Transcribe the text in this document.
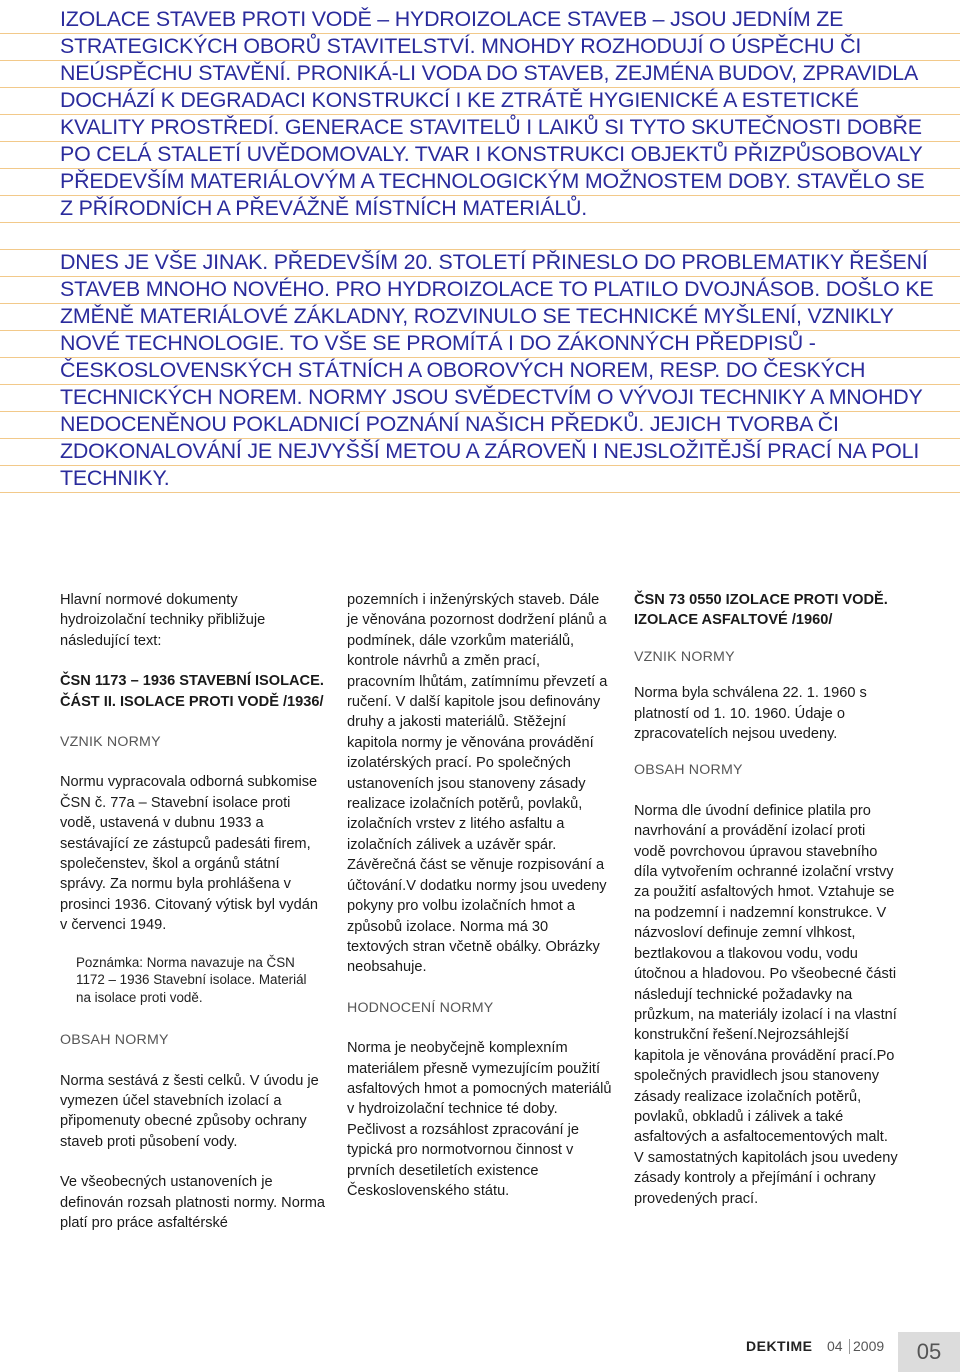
IZOLACE STAVEB PROTI VODĚ – HYDROIZOLACE STAVEB – JSOU JEDNÍM ZE STRATEGICKÝCH OBORŮ STAVITELSTVÍ. MNOHDY ROZHODUJÍ O ÚSPĚCHU ČI NEÚSPĚCHU STAVĚNÍ. PRONIKÁ-LI VODA DO STAVEB, ZEJMÉNA BUDOV, ZPRAVIDLA DOCHÁZÍ K DEGRADACI KONSTRUKCÍ I KE ZTRÁTĚ HYGIENICKÉ A ESTETICKÉ KVALITY PROSTŘEDÍ. GENERACE STAVITELŮ I LAIKŮ SI TYTO SKUTEČNOSTI DOBŘE PO CELÁ STALETÍ UVĚDOMOVALY. TVAR I KONSTRUKCI OBJEKTŮ PŘIZPŮSOBOVALY PŘEDEVŠÍM MATERIÁLOVÝM A TECHNOLOGICKÝM MOŽNOSTEM DOBY. STAVĚLO SE Z PŘÍRODNÍCH A PŘEVÁŽNĚ MÍSTNÍCH MATERIÁLŮ.

DNES JE VŠE JINAK. PŘEDEVŠÍM 20. STOLETÍ PŘINESLO DO PROBLEMATIKY ŘEŠENÍ STAVEB MNOHO NOVÉHO. PRO HYDROIZOLACE TO PLATILO DVOJNÁSOB. DOŠLO KE ZMĚNĚ MATERIÁLOVÉ ZÁKLADNY, ROZVINULO SE TECHNICKÉ MYŠLENÍ, VZNIKLY NOVÉ TECHNOLOGIE. TO VŠE SE PROMÍTÁ I DO ZÁKONNÝCH PŘEDPISŮ - ČESKOSLOVENSKÝCH STÁTNÍCH A OBOROVÝCH NOREM, RESP. DO ČESKÝCH TECHNICKÝCH NOREM. NORMY JSOU SVĚDECTVÍM O VÝVOJI TECHNIKY A MNOHDY NEDOCENĚNOU POKLADNICÍ POZNÁNÍ NAŠICH PŘEDKŮ. JEJICH TVORBA ČI ZDOKONALOVÁNÍ JE NEJVYŠŠÍ METOU A ZÁROVEŇ I NEJSLOŽITĚJŠÍ PRACÍ NA POLI TECHNIKY.

Hlavní normové dokumenty hydroizolační techniky přibližuje následující text:

ČSN 1173 – 1936 STAVEBNÍ ISOLACE. ČÁST II. ISOLACE PROTI VODĚ /1936/

VZNIK NORMY

Normu vypracovala odborná subkomise ČSN č. 77a – Stavební isolace proti vodě, ustavená v dubnu 1933 a sestávající ze zástupců padesáti firem, společenstev, škol a orgánů státní správy. Za normu byla prohlášena v prosinci 1936. Citovaný výtisk byl vydán v červenci 1949.

Poznámka: Norma navazuje na ČSN 1172 – 1936 Stavební isolace. Materiál na isolace proti vodě.

OBSAH NORMY

Norma sestává z šesti celků. V úvodu je vymezen účel stavebních izolací a připomenuty obecné způsoby ochrany staveb proti působení vody.

Ve všeobecných ustanoveních je definován rozsah platnosti normy. Norma platí pro práce asfaltérské

pozemních i inženýrských staveb. Dále je věnována pozornost dodržení plánů a podmínek, dále vzorkům materiálů, kontrole návrhů a změn prací, pracovním lhůtám, zatímnímu převzetí a ručení. V další kapitole jsou definovány druhy a jakosti materiálů. Stěžejní kapitola normy je věnována provádění izolatérských prací. Po společných ustanoveních jsou stanoveny zásady realizace izolačních potěrů, povlaků, izolačních vrstev z litého asfaltu a izolačních zálivek a uzávěr spár. Závěrečná část se věnuje rozpisování a účtování.V dodatku normy jsou uvedeny pokyny pro volbu izolačních hmot a způsobů izolace. Norma má 30 textových stran včetně obálky. Obrázky neobsahuje.

HODNOCENÍ NORMY

Norma je neobyčejně komplexním materiálem přesně vymezujícím použití asfaltových hmot a pomocných materiálů v hydroizolační technice té doby. Pečlivost a rozsáhlost zpracování je typická pro normotvornou činnost v prvních desetiletích existence Československého státu.

ČSN 73 0550 IZOLACE PROTI VODĚ. IZOLACE ASFALTOVÉ /1960/

VZNIK NORMY

Norma byla schválena 22. 1. 1960 s platností od 1. 10. 1960. Údaje o zpracovatelích nejsou uvedeny.

OBSAH NORMY

Norma dle úvodní definice platila pro navrhování a provádění izolací proti vodě povrchovou úpravou stavebního díla vytvořením ochranné izolační vrstvy za použití asfaltových hmot. Vztahuje se na podzemní i nadzemní konstrukce. V názvosloví definuje zemní vlhkost, beztlakovou a tlakovou vodu, vodu útočnou a hladovou. Po všeobecné části následují technické požadavky na průzkum, na materiály izolací i na vlastní konstrukční řešení.Nejrozsáhlejší kapitola je věnována provádění prací.Po společných pravidlech jsou stanoveny zásady realizace izolačních potěrů, povlaků, obkladů i zálivek a také asfaltových a asfaltocementových malt. V samostatných kapitolách jsou uvedeny zásady kontroly a přejímání i ochrany provedených prací.

DEKTIME 04 2009	05
